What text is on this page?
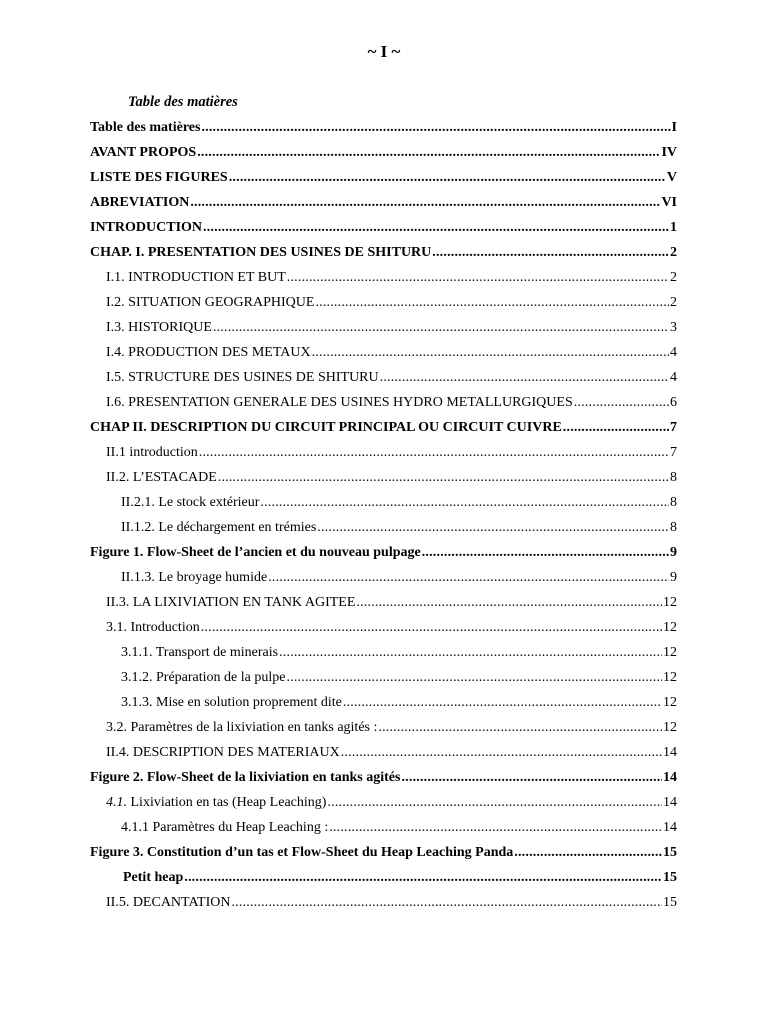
~ I ~
Table des matières
Table des matières .....	I
AVANT PROPOS .....	IV
LISTE DES FIGURES .....	V
ABREVIATION .....	VI
INTRODUCTION .....	1
CHAP. I. PRESENTATION DES USINES DE SHITURU .....	2
I.1. INTRODUCTION ET BUT .....	2
I.2. SITUATION GEOGRAPHIQUE .....	2
I.3. HISTORIQUE .....	3
I.4. PRODUCTION DES METAUX .....	4
I.5. STRUCTURE DES USINES DE SHITURU .....	4
I.6. PRESENTATION GENERALE DES USINES HYDRO METALLURGIQUES .....	6
CHAP II. DESCRIPTION DU CIRCUIT PRINCIPAL OU CIRCUIT CUIVRE .....	7
II.1 introduction .....	7
II.2. L’ESTACADE .....	8
II.2.1. Le stock extérieur .....	8
II.1.2. Le déchargement en trémies .....	8
Figure 1. Flow-Sheet de l’ancien et du nouveau pulpage .....	9
II.1.3. Le broyage humide .....	9
II.3. LA LIXIVIATION EN TANK AGITEE .....	12
3.1. Introduction .....	12
3.1.1. Transport de minerais .....	12
3.1.2. Préparation de la pulpe .....	12
3.1.3. Mise en solution proprement dite .....	12
3.2. Paramètres de la lixiviation en tanks agités : .....	12
II.4. DESCRIPTION DES MATERIAUX .....	14
Figure 2. Flow-Sheet de la lixiviation en tanks agités .....	14
4.1. Lixiviation en tas (Heap Leaching) .....	14
4.1.1 Paramètres du Heap Leaching : .....	14
Figure 3. Constitution d’un tas et Flow-Sheet du Heap Leaching Panda .....	15
Petit heap .....	15
II.5. DECANTATION .....	15
